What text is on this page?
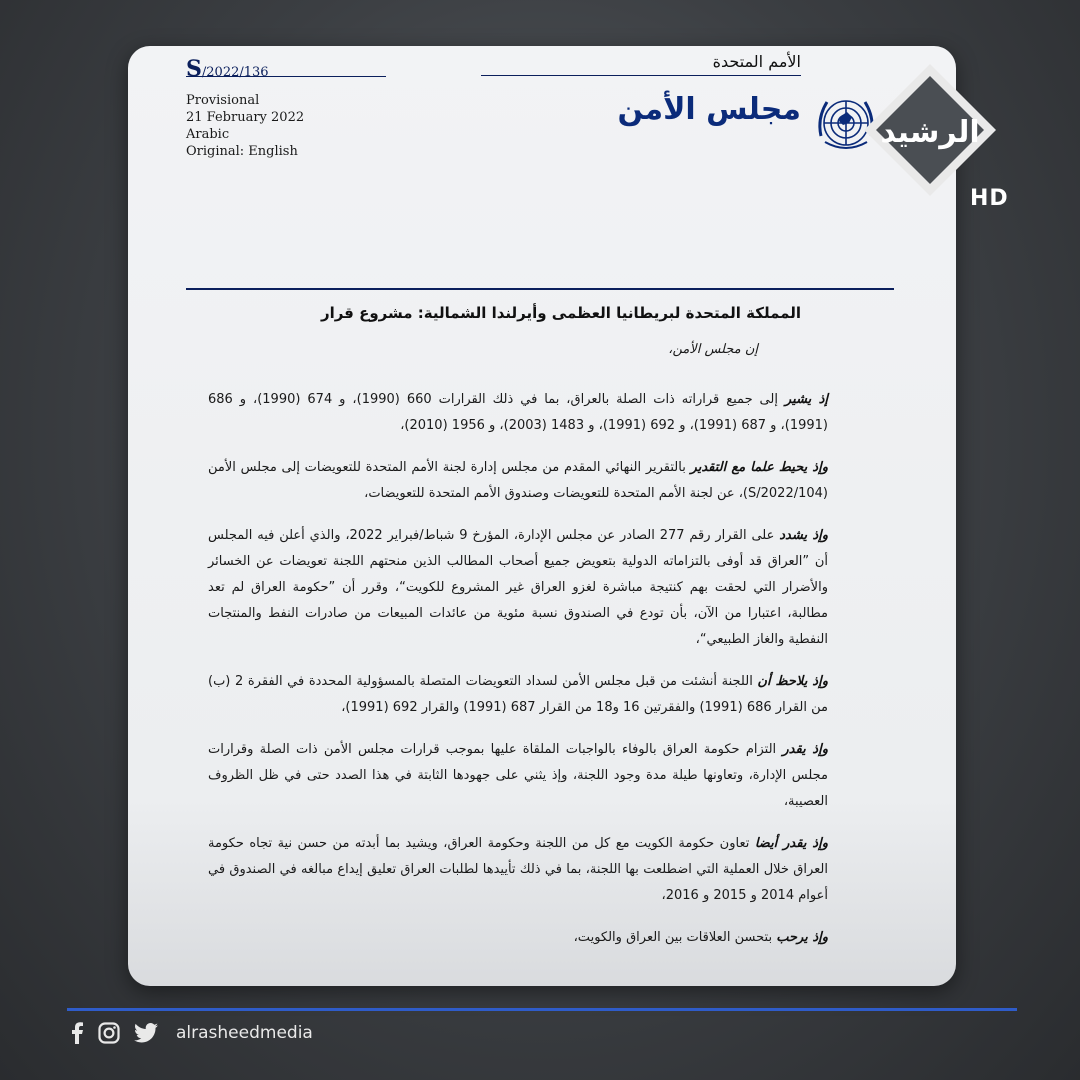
S/2022/136
Provisional
21 February 2022
Arabic
Original: English
الأمم المتحدة
مجلس الأمن
المملكة المتحدة لبريطانيا العظمى وأيرلندا الشمالية: مشروع قرار

إن مجلس الأمن،

إذ يشير إلى جميع قراراته ذات الصلة بالعراق، بما في ذلك القرارات 660 (1990)، و 674 (1990)، و 686 (1991)، و 687 (1991)، و 692 (1991)، و 1483 (2003)، و 1956 (2010)،

وإذ يحيط علما مع التقدير بالتقرير النهائي المقدم من مجلس إدارة لجنة الأمم المتحدة للتعويضات إلى مجلس الأمن (S/2022/104)، عن لجنة الأمم المتحدة للتعويضات وصندوق الأمم المتحدة للتعويضات،

وإذ يشدد على القرار رقم 277 الصادر عن مجلس الإدارة، المؤرخ 9 شباط/فبراير 2022، والذي أعلن فيه المجلس أن ”العراق قد أوفى بالتزاماته الدولية بتعويض جميع أصحاب المطالب الذين منحتهم اللجنة تعويضات عن الخسائر والأضرار التي لحقت بهم كنتيجة مباشرة لغزو العراق غير المشروع للكويت“، وقرر أن ”حكومة العراق لم تعد مطالبة، اعتبارا من الآن، بأن تودع في الصندوق نسبة مئوية من عائدات المبيعات من صادرات النفط والمنتجات النفطية والغاز الطبيعي“،

وإذ يلاحظ أن اللجنة أنشئت من قبل مجلس الأمن لسداد التعويضات المتصلة بالمسؤولية المحددة في الفقرة 2 (ب) من القرار 686 (1991) والفقرتين 16 و18 من القرار 687 (1991) والقرار 692 (1991)،

وإذ يقدر التزام حكومة العراق بالوفاء بالواجبات الملقاة عليها بموجب قرارات مجلس الأمن ذات الصلة وقرارات مجلس الإدارة، وتعاونها طيلة مدة وجود اللجنة، وإذ يثني على جهودها الثابتة في هذا الصدد حتى في ظل الظروف العصيبة،

وإذ يقدر أيضا تعاون حكومة الكويت مع كل من اللجنة وحكومة العراق، ويشيد بما أبدته من حسن نية تجاه حكومة العراق خلال العملية التي اضطلعت بها اللجنة، بما في ذلك تأييدها لطلبات العراق تعليق إيداع مبالغه في الصندوق في أعوام 2014 و 2015 و 2016،

وإذ يرحب بتحسن العلاقات بين العراق والكويت،

الرشيد
HD
alrasheedmedia
